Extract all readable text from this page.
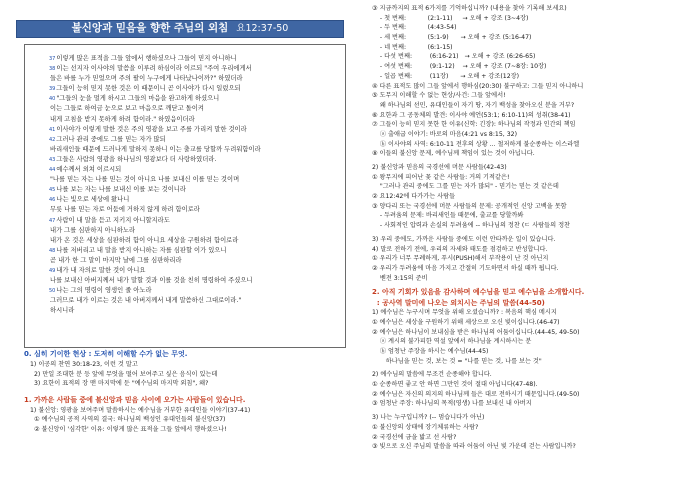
불신앙과 믿음을 향한 주님의 외침 요12:37-50
$^{37}$이렇게 많은 표적을 그들 앞에서 행하셨으나 그들이 믿지 아니하니
$^{38}$이는 선지자 이사야의 말씀을 이루려 하심이라 이르되 "주여 우리에게서
들은 바를 누가 믿었으며 주의 팔이 누구에게 나타났나이까?" 하였더라
$^{39}$그들이 능히 믿지 못한 것은 이 때문이니 곧 이사야가 다시 일렀으되
$^{40}$"그들의 눈을 멀게 하시고 그들의 마음을 완고하게 하셨으니
이는 그들로 하여금 눈으로 보고 마음으로 깨닫고 돌이켜
내게 고침을 받지 못하게 하려 함이라." 하였음이더라
$^{41}$이사야가 이렇게 말한 것은 주의 영광을 보고 주를 가리켜 말한 것이라
$^{42}$그러나 관리 중에도 그를 믿는 자가 많되
바리새인들 때문에 드러나게 말하지 못하니 이는 출교를 당할까 두려워함이라
$^{43}$그들은 사람의 영광을 하나님의 영광보다 더 사랑하였더라.
$^{44}$예수께서 외쳐 이르시되
"나를 믿는 자는 나를 믿는 것이 아니요 나를 보내신 이를 믿는 것이며
$^{45}$나를 보는 자는 나를 보내신 이를 보는 것이니라
$^{46}$나는 빛으로 세상에 왔나니
무릇 나를 믿는 자로 어둠에 거하지 않게 하려 함이로라
$^{47}$사람이 내 말을 듣고 지키지 아니할지라도
내가 그를 심판하지 아니하노라
내가 온 것은 세상을 심판하려 함이 아니요 세상을 구원하려 함이로라
$^{48}$나를 저버리고 내 말을 받지 아니하는 자를 심판할 이가 있으니
곧 내가 한 그 말이 마지막 날에 그를 심판하리라
$^{49}$내가 내 자의로 말한 것이 아니요
나를 보내신 아버지께서 내가 말할 것과 이를 것을 친히 명령하여 주셨으니
$^{50}$나는 그의 명령이 영생인 줄 아노라
그러므로 내가 이르는 것은 내 아버지께서 내게 말씀하신 그대로이라."
하시니라
0. 심히 기이한 현상 : 도저히 이해할 수가 없는 무엇.
1) 이공의 찬연 30:18-23, 이런 것 말고
2) 만일 조대한 분 등 앞에 무엇을 떨어 보여주고 싶은 음식이 있는데
3) 요한이 표적의 장 맨 마지막에 둔 "예수님의 마지막 외침", 왜?
1. 가까운 사람들 중에 불신앙과 믿음 사이에 오가는 사람들이 있습니다.
1) 불신앙: 영광을 보여주며 말씀하시는 예수님을 거부한 유대인들 이야기(37-41)
① 예수님의 공적 사역의 결국: 하나님의 백성인 유대인들의 불신앙(37)
② 불신앙이 '심각한' 이유: 이렇게 많은 표적을 그들 앞에서 행하셨으나!
③ 지금까지의 표적 6가지를 기억하십니까? (내용을 찾아 기록해 보세요)
- 첫 번째:           (2:1-11)     → 오해 + 강조 (3~4장)
- 두 번째:           (4:43-54)
- 세 번째:           (5:1-9)      → 오해 + 강조 (5:16-47)
- 네 번째:           (6:1-15)
- 다섯 번째:         (6:16-21)   → 오해 + 강조 (6:26-65)
- 여섯 번째:         (9:1-12)    → 오해 + 강조 (7~8장: 10장)
- 일곱 번째:         (11장)      → 오해 + 강조(12장)
④ 다른 표적도 많이 그들 앞에서 행하심(20:30) 불구하고: 그들 믿지 아니하니
⑤ 도무지 이해할 수 없는 현상/사건: 그들 앞에서!
왜 하나님의 선민, 유대인들이 자기 땅, 자기 백성을 찾아오신 분을 거부?
⑥ 요한과 그 공동체의 발견: 이사야 예언(53:1; 6:10-11)의 성취(38-41)
⑦ 그들이 능히 믿지 못한 한 이유(신학: 긴장): 하나님의 작정과 인간의 책임
ⓐ 출애굽 이야기: 바로의 마음(4:21 vs 8:15, 32)
ⓑ 이사야의 사역: 6:10-11 전후의 상황 ... 철저하게 불순종하는 이스라엘
⑧ 이들의 불신앙 문제, 예수님께 책임이 있는 것이 아닙니다.
2) 불신앙과 믿음의 국경선에 머문 사람들(42-43)
① 왕무지에 피어난 꽃 같은 사람들: 거의 기적같은!
"그러나 관리 중에도 그를 믿는 자가 많되" - 믿기는 믿는 것 같은데
② 요12:42에 다가가는 사람들
③ 양다리 또는 국경선에 머문 사람들의 문제: 공개적인 신앙 고백을 못함
- 두려움의 문제: 바리새인들 때문에, 출교를 당할까봐
- 사회적인 압력과 손실의 두려움에 -- 하나님의 정찬 (ㄷ 사람들의 정찬
3) 우리 중에도, 가까운 사람들 중에도 이런 안타까운 일이 있습니다.
4) 말로 전하기 전에, 우리의 자세와 태도를 점검하고 반성합니다.
① 우리가 너무 무례하게, 푸시(PUSH)해서 부작용이 난 것 아닌지
② 우리가 두려움에 마음 가지고 간절히 기도하면서 하실 때까 됩니다.
벧전 3:15의 준비
2. 아직 기회가 있음을 감사하며 예수님을 믿고 예수님을 소개합시다.
: 공사역 말미에 나오는 외치시는 주님의 말씀(44-50)
1) 예수님은 누구시며 무엇을 위해 오셨습니까? : 복음의 핵심 메시지
① 예수님은 세상을 구원하기 위해 세상으로 오신 빛이십니다.(46-47)
② 예수님은 하나님이 보내심을 받은 하나님의 어둠이십니다.(44-45, 49-50)
ⓐ 계시의 불가피한 역설 앞에서 하나님을 계시하시는 분
ⓑ 엄청난 주장을 하시는 예수님(44-45)
하나님을 믿는 것, 보는 것 = "나를 믿는 것, 나를 보는 것"
2) 예수님의 말씀에 무조건 순종해야 합니다.
① 순종하면 좋고 안 하면 그만인 것이 절대 아닙니다(47-48).
② 예수님은 자신의 의지의 하나님께 들은 대로 전하시기 때문입니다.(49-50)
③ 엄청난 주장: 하나님의 목적(영생) 나를 보내신 내 아버지
3) 나는 누구입니까? (-- 멈습니다가 아닌)
① 불신앙의 상태에 장기체류하는 사람?
② 국경선에 금을 밟고 선 사람?
③ 빛으로 오신 주님의 말씀을 따라 어둠이 아닌 빛 가운데 걷는 사람입니까?
